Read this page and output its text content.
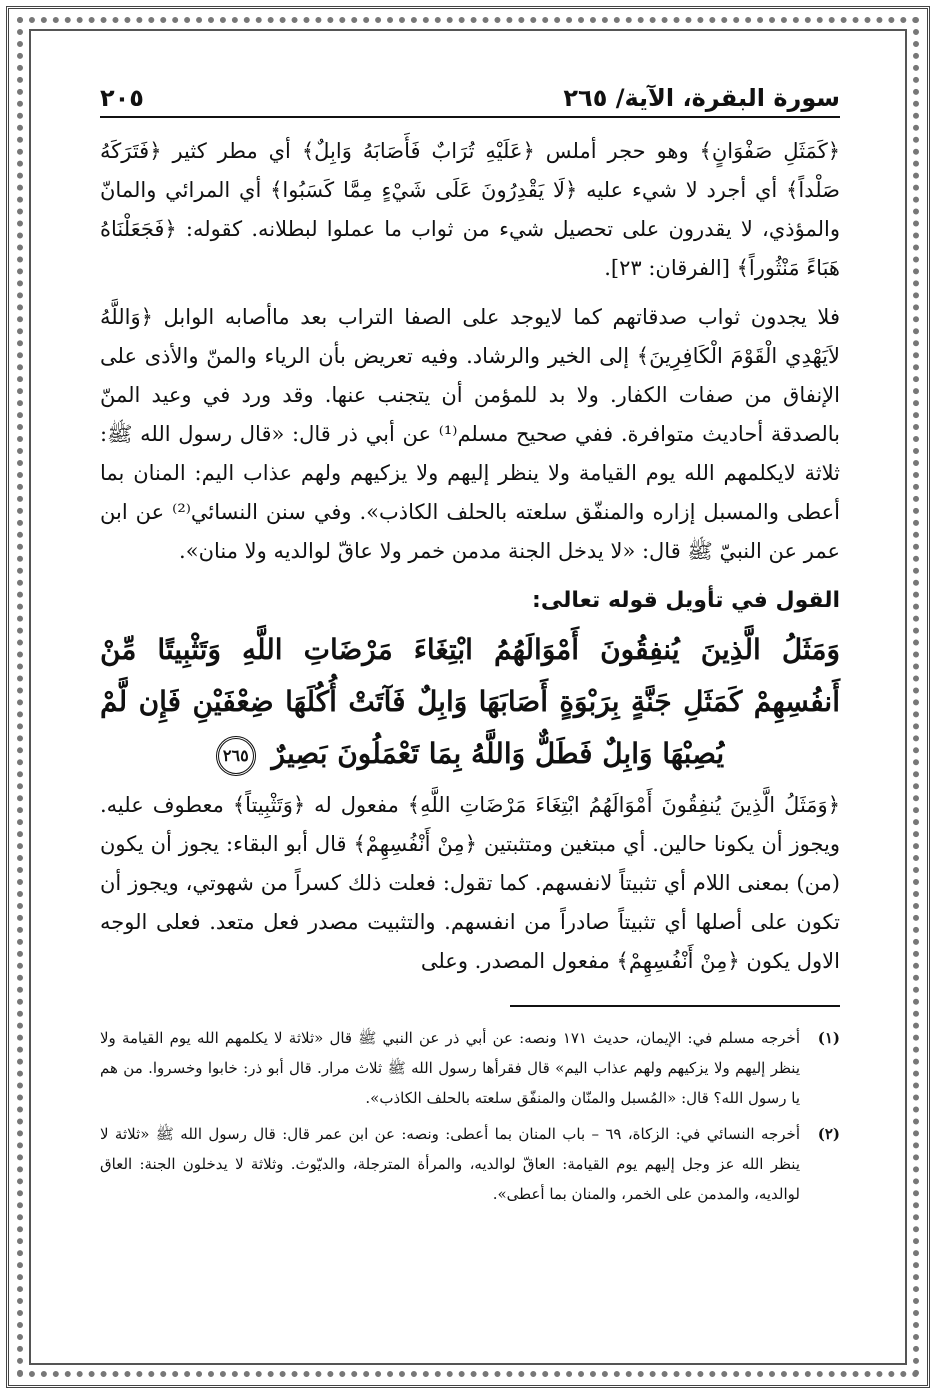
سورة البقرة، الآية/ ٢٦٥
٢٠٥

﴿كَمَثَلِ صَفْوَانٍ﴾ وهو حجر أملس ﴿عَلَيْهِ تُرَابٌ فَأَصَابَهُ وَابِلٌ﴾ أي مطر كثير ﴿فَتَرَكَهُ صَلْداً﴾ أي أجرد لا شيء عليه ﴿لَا يَقْدِرُونَ عَلَى شَيْءٍ مِمَّا كَسَبُوا﴾ أي المرائي والمانّ والمؤذي، لا يقدرون على تحصيل شيء من ثواب ما عملوا لبطلانه. كقوله: ﴿فَجَعَلْنَاهُ هَبَاءً مَنْثُوراً﴾ [الفرقان: ٢٣].

فلا يجدون ثواب صدقاتهم كما لايوجد على الصفا التراب بعد ماأصابه الوابل ﴿وَاللَّهُ لاَيَهْدِي الْقَوْمَ الْكَافِرِينَ﴾ إلى الخير والرشاد. وفيه تعريض بأن الرياء والمنّ والأذى على الإنفاق من صفات الكفار. ولا بد للمؤمن أن يتجنب عنها. وقد ورد في وعيد المنّ بالصدقة أحاديث متوافرة. ففي صحيح مسلم⁽¹⁾ عن أبي ذر قال: «قال رسول الله ﷺ: ثلاثة لايكلمهم الله يوم القيامة ولا ينظر إليهم ولا يزكيهم ولهم عذاب اليم: المنان بما أعطى والمسبل إزاره والمنفّق سلعته بالحلف الكاذب». وفي سنن النسائي⁽²⁾ عن ابن عمر عن النبيّ ﷺ قال: «لا يدخل الجنة مدمن خمر ولا عاقّ لوالديه ولا منان».

القول في تأويل قوله تعالى:
وَمَثَلُ الَّذِينَ يُنفِقُونَ أَمْوَالَهُمُ ابْتِغَاءَ مَرْضَاتِ اللَّهِ وَتَثْبِيتًا مِّنْ أَنفُسِهِمْ كَمَثَلِ جَنَّةٍ بِرَبْوَةٍ أَصَابَهَا وَابِلٌ فَآتَتْ أُكُلَهَا ضِعْفَيْنِ فَإِن لَّمْ يُصِبْهَا وَابِلٌ فَطَلٌّ وَاللَّهُ بِمَا تَعْمَلُونَ بَصِيرٌ ٢٦٥

﴿وَمَثَلُ الَّذِينَ يُنفِقُونَ أَمْوَالَهُمُ ابْتِغَاءَ مَرْضَاتِ اللَّهِ﴾ مفعول له ﴿وَتَثْبِيتاً﴾ معطوف عليه. ويجوز أن يكونا حالين. أي مبتغين ومتثبتين ﴿مِنْ أَنْفُسِهِمْ﴾ قال أبو البقاء: يجوز أن يكون (من) بمعنى اللام أي تثبيتاً لانفسهم. كما تقول: فعلت ذلك كسراً من شهوتي، ويجوز أن تكون على أصلها أي تثبيتاً صادراً من انفسهم. والتثبيت مصدر فعل متعد. فعلى الوجه الاول يكون ﴿مِنْ أَنْفُسِهِمْ﴾ مفعول المصدر. وعلى

(١)
أخرجه مسلم في: الإيمان، حديث ١٧١ ونصه: عن أبي ذر عن النبي ﷺ قال «ثلاثة لا يكلمهم الله يوم القيامة ولا ينظر إليهم ولا يزكيهم ولهم عذاب اليم» قال فقرأها رسول الله ﷺ ثلاث مرار. قال أبو ذر: خابوا وخسروا. من هم يا رسول الله؟ قال: «المُسبل والمنّان والمنفّق سلعته بالحلف الكاذب».
(٢)
أخرجه النسائي في: الزكاة، ٦٩ – باب المنان بما أعطى: ونصه: عن ابن عمر قال: قال رسول الله ﷺ «ثلاثة لا ينظر الله عز وجل إليهم يوم القيامة: العاقّ لوالديه، والمرأة المترجلة، والديّوث. وثلاثة لا يدخلون الجنة: العاق لوالديه، والمدمن على الخمر، والمنان بما أعطى».
